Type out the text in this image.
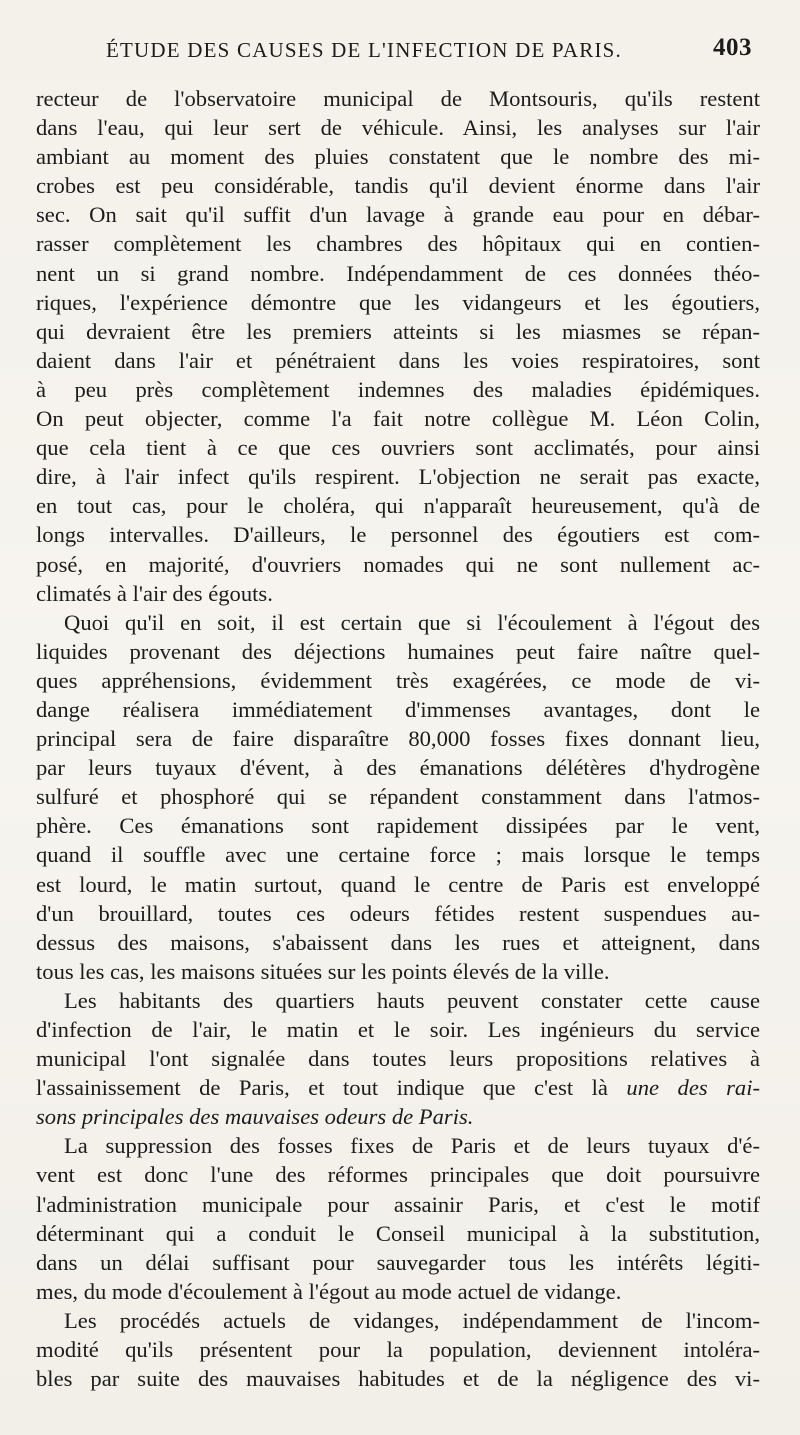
ÉTUDE DES CAUSES DE L'INFECTION DE PARIS.	403
recteur de l'observatoire municipal de Montsouris, qu'ils restent
dans l'eau, qui leur sert de véhicule. Ainsi, les analyses sur l'air
ambiant au moment des pluies constatent que le nombre des mi-
crobes est peu considérable, tandis qu'il devient énorme dans l'air
sec. On sait qu'il suffit d'un lavage à grande eau pour en débar-
rasser complètement les chambres des hôpitaux qui en contien-
nent un si grand nombre. Indépendamment de ces données théo-
riques, l'expérience démontre que les vidangeurs et les égoutiers,
qui devraient être les premiers atteints si les miasmes se répan-
daient dans l'air et pénétraient dans les voies respiratoires, sont
à peu près complètement indemnes des maladies épidémiques.
On peut objecter, comme l'a fait notre collègue M. Léon Colin,
que cela tient à ce que ces ouvriers sont acclimatés, pour ainsi
dire, à l'air infect qu'ils respirent. L'objection ne serait pas exacte,
en tout cas, pour le choléra, qui n'apparaît heureusement, qu'à de
longs intervalles. D'ailleurs, le personnel des égoutiers est com-
posé, en majorité, d'ouvriers nomades qui ne sont nullement ac-
climatés à l'air des égouts.
Quoi qu'il en soit, il est certain que si l'écoulement à l'égout des
liquides provenant des déjections humaines peut faire naître quel-
ques appréhensions, évidemment très exagérées, ce mode de vi-
dange réalisera immédiatement d'immenses avantages, dont le
principal sera de faire disparaître 80,000 fosses fixes donnant lieu,
par leurs tuyaux d'évent, à des émanations délétères d'hydrogène
sulfuré et phosphoré qui se répandent constamment dans l'atmos-
phère. Ces émanations sont rapidement dissipées par le vent,
quand il souffle avec une certaine force ; mais lorsque le temps
est lourd, le matin surtout, quand le centre de Paris est enveloppé
d'un brouillard, toutes ces odeurs fétides restent suspendues au-
dessus des maisons, s'abaissent dans les rues et atteignent, dans
tous les cas, les maisons situées sur les points élevés de la ville.
Les habitants des quartiers hauts peuvent constater cette cause
d'infection de l'air, le matin et le soir. Les ingénieurs du service
municipal l'ont signalée dans toutes leurs propositions relatives à
l'assainissement de Paris, et tout indique que c'est là une des rai-
sons principales des mauvaises odeurs de Paris.
La suppression des fosses fixes de Paris et de leurs tuyaux d'é-
vent est donc l'une des réformes principales que doit poursuivre
l'administration municipale pour assainir Paris, et c'est le motif
déterminant qui a conduit le Conseil municipal à la substitution,
dans un délai suffisant pour sauvegarder tous les intérêts légiti-
mes, du mode d'écoulement à l'égout au mode actuel de vidange.
Les procédés actuels de vidanges, indépendamment de l'incom-
modité qu'ils présentent pour la population, deviennent intolérа-
bles par suite des mauvaises habitudes et de la négligence des vi-
